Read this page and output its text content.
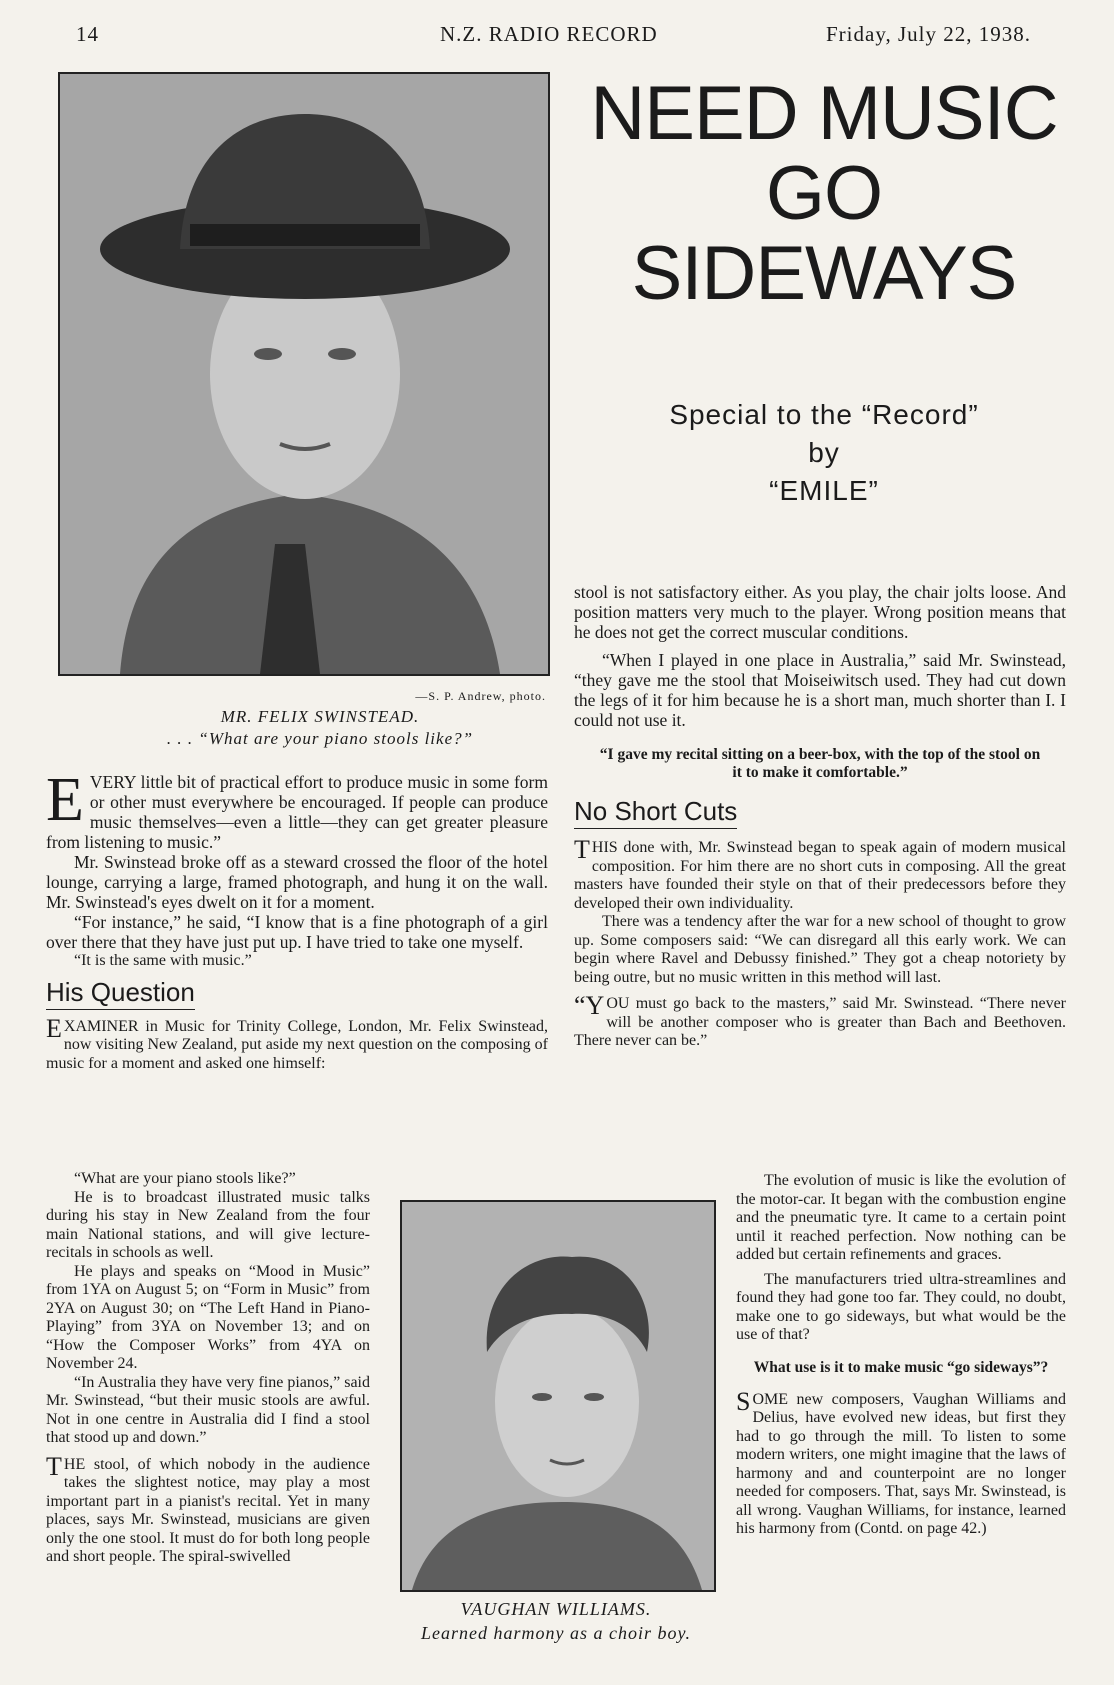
14	N.Z. RADIO RECORD	Friday, July 22, 1938.
—S. P. Andrew, photo.
MR. FELIX SWINSTEAD.
. . . “What are your piano stools like?”
NEED MUSIC
GO
SIDEWAYS
Special to the “Record”
by
“EMILE”

EVERY little bit of practical effort to produce music in some form or other must everywhere be encouraged. If people can produce music themselves—even a little—they can get greater pleasure from listening to music.”

Mr. Swinstead broke off as a steward crossed the floor of the hotel lounge, carrying a large, framed photograph, and hung it on the wall. Mr. Swinstead's eyes dwelt on it for a moment.

“For instance,” he said, “I know that is a fine photograph of a girl over there that they have just put up. I have tried to take one myself.

“It is the same with music.”

His Question

EXAMINER in Music for Trinity College, London, Mr. Felix Swinstead, now visiting New Zealand, put aside my next question on the composing of music for a moment and asked one himself:

“What are your piano stools like?”

He is to broadcast illustrated music talks during his stay in New Zealand from the four main National stations, and will give lecture-recitals in schools as well.

He plays and speaks on “Mood in Music” from 1YA on August 5; on “Form in Music” from 2YA on August 30; on “The Left Hand in Piano-Playing” from 3YA on November 13; and on “How the Composer Works” from 4YA on November 24.

“In Australia they have very fine pianos,” said Mr. Swinstead, “but their music stools are awful. Not in one centre in Australia did I find a stool that stood up and down.”

THE stool, of which nobody in the audience takes the slightest notice, may play a most important part in a pianist's recital. Yet in many places, says Mr. Swinstead, musicians are given only the one stool. It must do for both long people and short people. The spiral-swivelled

VAUGHAN WILLIAMS.
Learned harmony as a choir boy.

stool is not satisfactory either. As you play, the chair jolts loose. And position matters very much to the player. Wrong position means that he does not get the correct muscular conditions.

“When I played in one place in Australia,” said Mr. Swinstead, “they gave me the stool that Moiseiwitsch used. They had cut down the legs of it for him because he is a short man, much shorter than I. I could not use it.

“I gave my recital sitting on a beer-box, with the top of the stool on it to make it comfortable.”

No Short Cuts

THIS done with, Mr. Swinstead began to speak again of modern musical composition. For him there are no short cuts in composing. All the great masters have founded their style on that of their predecessors before they developed their own individuality.

There was a tendency after the war for a new school of thought to grow up. Some composers said: “We can disregard all this early work. We can begin where Ravel and Debussy finished.” They got a cheap notoriety by being outre, but no music written in this method will last.

“YOU must go back to the masters,” said Mr. Swinstead. “There never will be another composer who is greater than Bach and Beethoven. There never can be.”

The evolution of music is like the evolution of the motor-car. It began with the combustion engine and the pneumatic tyre. It came to a certain point until it reached perfection. Now nothing can be added but certain refinements and graces.

The manufacturers tried ultra-streamlines and found they had gone too far. They could, no doubt, make one to go sideways, but what would be the use of that?

What use is it to make music “go sideways”?

SOME new composers, Vaughan Williams and Delius, have evolved new ideas, but first they had to go through the mill. To listen to some modern writers, one might imagine that the laws of harmony and and counterpoint are no longer needed for composers. That, says Mr. Swinstead, is all wrong. Vaughan Williams, for instance, learned his harmony from (Contd. on page 42.)
